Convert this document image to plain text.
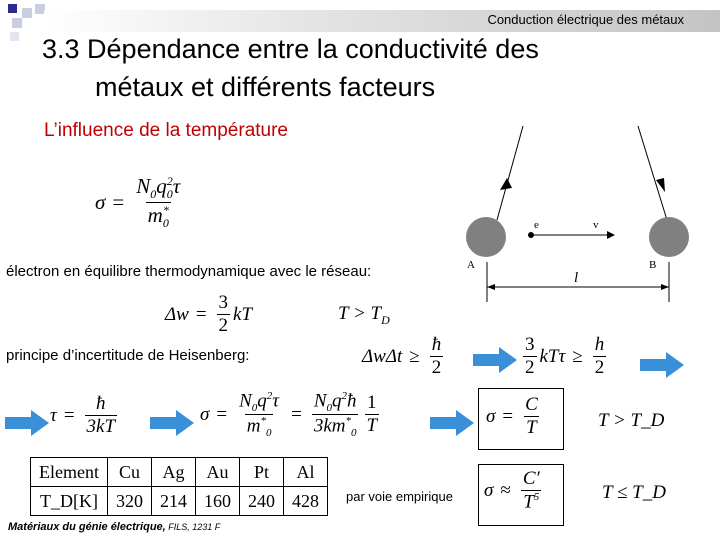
Conduction électrique des métaux
3.3 Dépendance entre la conductivité des
métaux et différents facteurs
L’influence de la température
$\sigma = \frac{N_0q^2_0\tau}{m^*_0}$
A	B
e	v
l
électron en équilibre thermodynamique avec le réseau:
$\Delta w = \frac{3}{2}$ kT	$T > T_D$
principe d’incertitude de Heisenberg:	$\Delta w\Delta t \ge \frac{ħ}{2}$	$\frac{3}{2}$ $kT\tau \ge \frac{h}{2}$
$\tau = \frac{ħ}{3kT}$	$\sigma = \frac{N_0q^2\tau}{m^*_0} = \frac{N_0q^2ħ}{3km^*_0} \frac{1}{T}$	$\sigma = \frac{C}{T}$	T > T_D
Element	Cu	Ag	Au	Pt	Al
T_D[K]	320	214	160	240	428 par voie empirique $\sigma \approx \frac{C'}{T^5}$	T ≤ T_D
Matériaux du génie électrique, FILS, 1231 F
